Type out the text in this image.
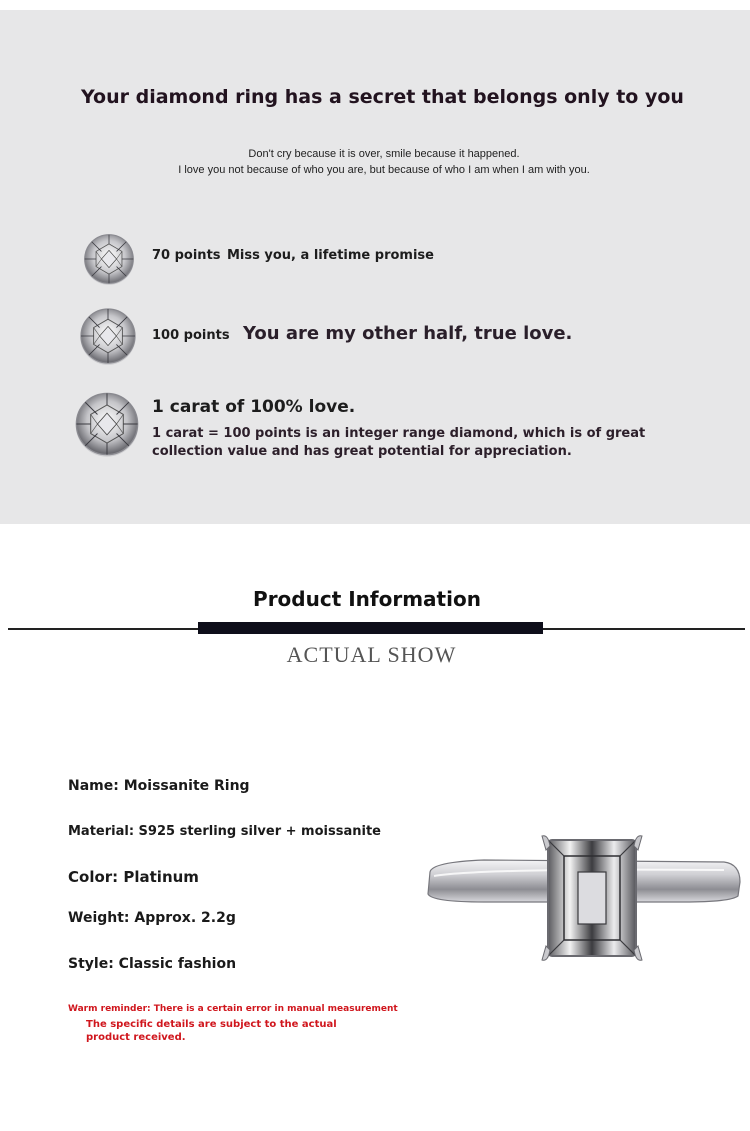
Your diamond ring has a secret that belongs only to you
Don't cry because it is over, smile because it happened.
I love you not because of who you are, but because of who I am when I am with you.
70 points Miss you, a lifetime promise
100 points You are my other half, true love.
1 carat of 100% love.
1 carat = 100 points is an integer range diamond, which is of great collection value and has great potential for appreciation.
Product Information
ACTUAL SHOW
Name: Moissanite Ring
Material: S925 sterling silver + moissanite
Color: Platinum
Weight: Approx. 2.2g
Style: Classic fashion
Warm reminder: There is a certain error in manual measurement
The specific details are subject to the actual product received.
